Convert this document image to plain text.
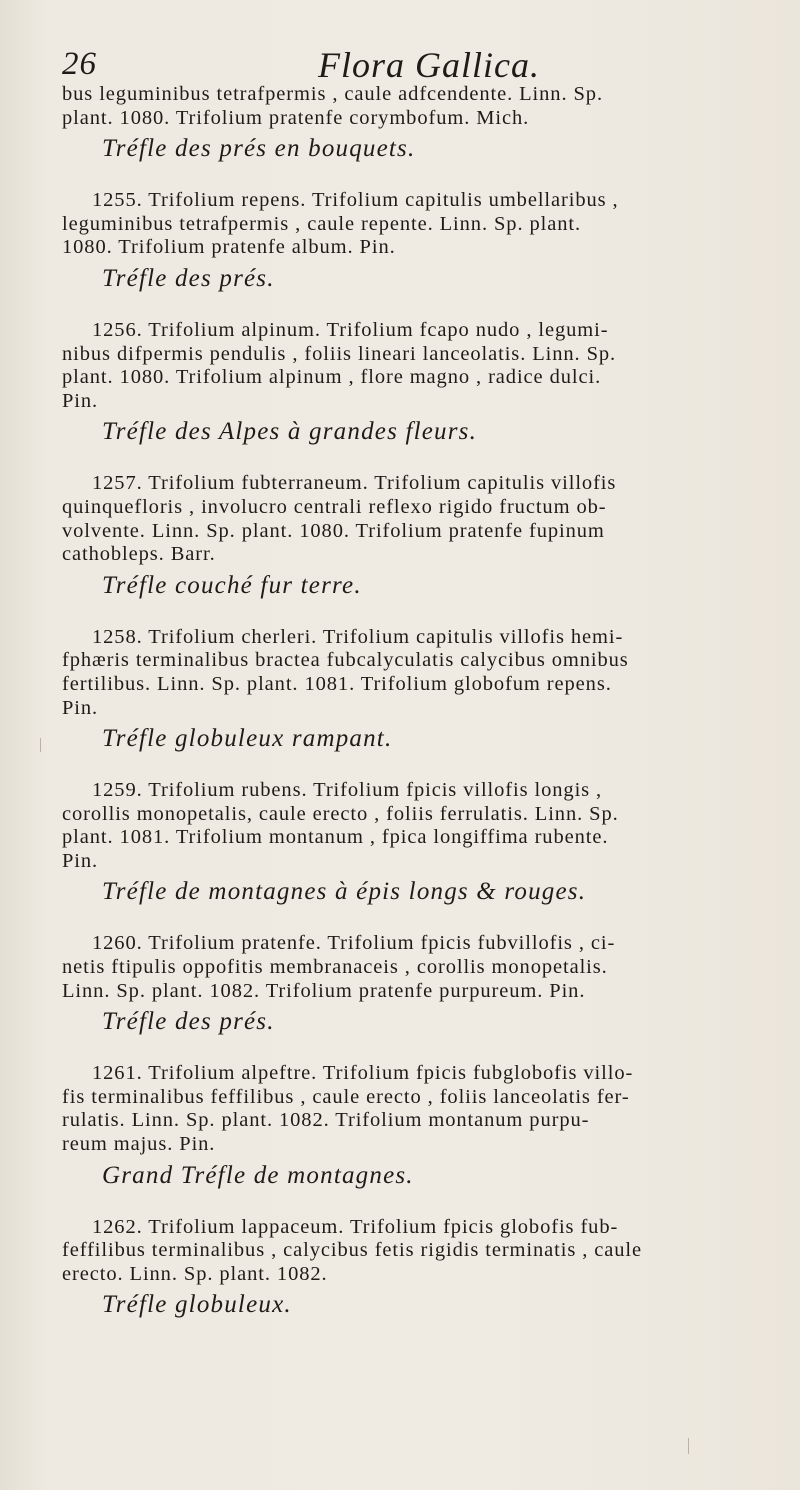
26	Flora Gallica.
bus leguminibus tetrafpermis , caule adfcendente. Linn. Sp.
plant. 1080. Trifolium pratenfe corymbofum. Mich.
Tréfle des prés en bouquets.
1255. Trifolium repens. Trifolium capitulis umbellaribus ,
leguminibus tetrafpermis , caule repente. Linn. Sp. plant.
1080. Trifolium pratenfe album. Pin.
Tréfle des prés.
1256. Trifolium alpinum. Trifolium fcapo nudo , legumi-
nibus difpermis pendulis , foliis lineari lanceolatis. Linn. Sp.
plant. 1080. Trifolium alpinum , flore magno , radice dulci.
Pin.
Tréfle des Alpes à grandes fleurs.
1257. Trifolium fubterraneum. Trifolium capitulis villofis
quinquefloris , involucro centrali reflexo rigido fructum ob-
volvente. Linn. Sp. plant. 1080. Trifolium pratenfe fupinum
cathobleps. Barr.
Tréfle couché fur terre.
1258. Trifolium cherleri. Trifolium capitulis villofis hemi-
fphæris terminalibus bractea fubcalyculatis calycibus omnibus
fertilibus. Linn. Sp. plant. 1081. Trifolium globofum repens.
Pin.
Tréfle globuleux rampant.
1259. Trifolium rubens. Trifolium fpicis villofis longis ,
corollis monopetalis, caule erecto , foliis ferrulatis. Linn. Sp.
plant. 1081. Trifolium montanum , fpica longiffima rubente.
Pin.
Tréfle de montagnes à épis longs & rouges.
1260. Trifolium pratenfe. Trifolium fpicis fubvillofis , ci-
netis ftipulis oppofitis membranaceis , corollis monopetalis.
Linn. Sp. plant. 1082. Trifolium pratenfe purpureum. Pin.
Tréfle des prés.
1261. Trifolium alpeftre. Trifolium fpicis fubglobofis villo-
fis terminalibus feffilibus , caule erecto , foliis lanceolatis fer-
rulatis. Linn. Sp. plant. 1082. Trifolium montanum purpu-
reum majus. Pin.
Grand Tréfle de montagnes.
1262. Trifolium lappaceum. Trifolium fpicis globofis fub-
feffilibus terminalibus , calycibus fetis rigidis terminatis , caule
erecto. Linn. Sp. plant. 1082.
Tréfle globuleux.
